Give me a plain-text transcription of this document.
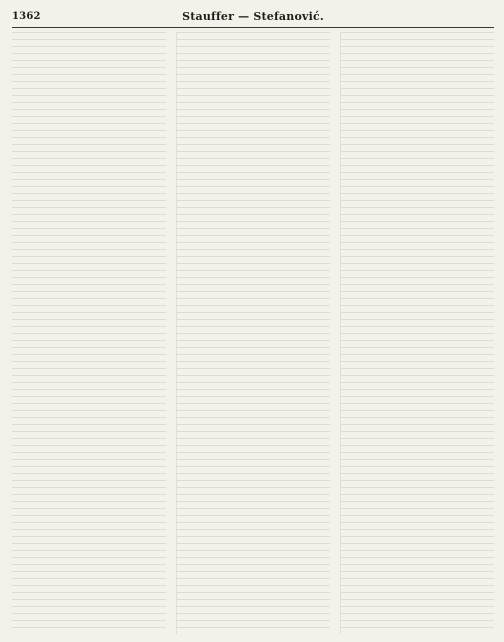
1362	Stauffer — Stefanović.
